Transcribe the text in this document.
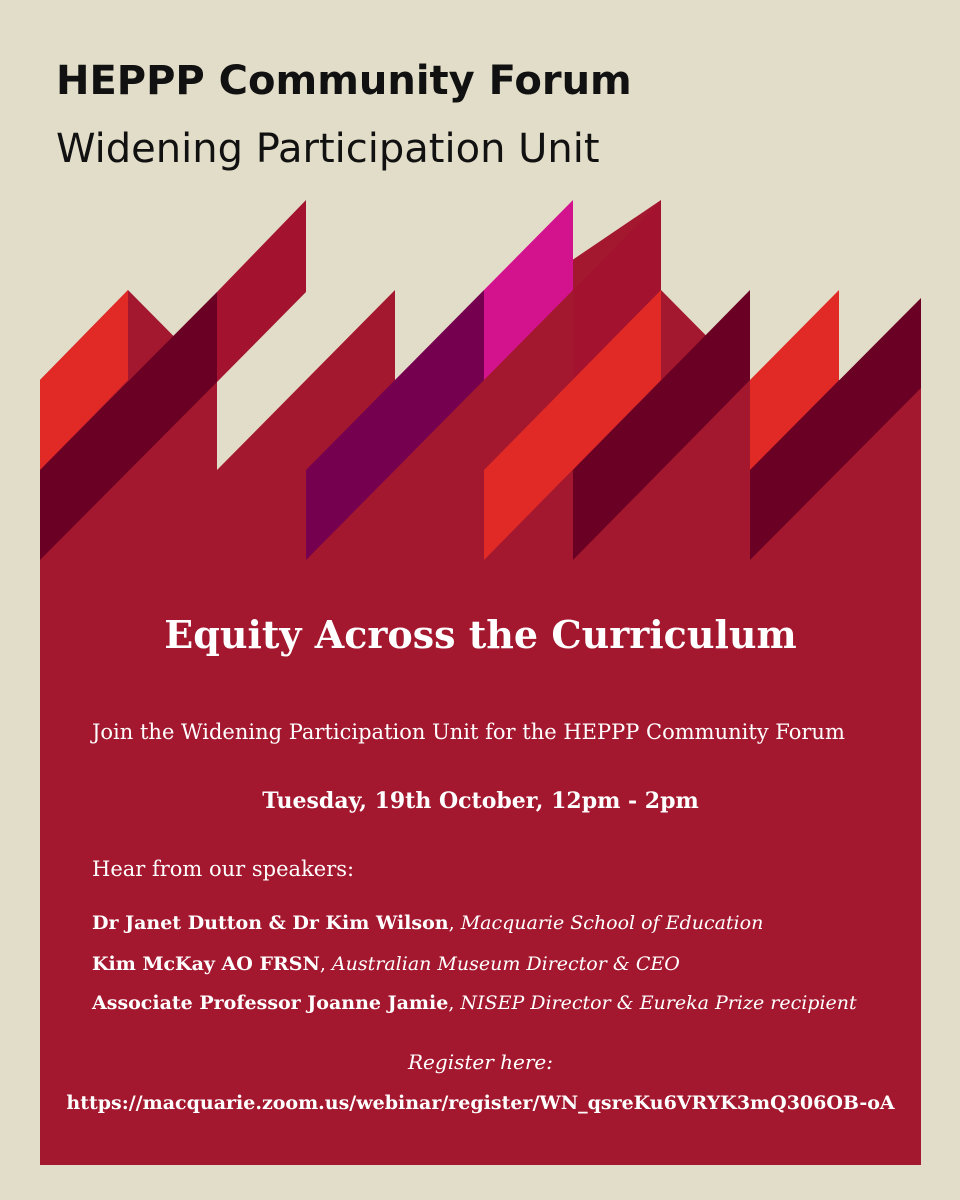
HEPPP Community Forum
Widening Participation Unit
Equity Across the Curriculum
Join the Widening Participation Unit for the HEPPP Community Forum
Tuesday, 19th October, 12pm - 2pm
Hear from our speakers:
Dr Janet Dutton & Dr Kim Wilson, Macquarie School of Education
Kim McKay AO FRSN, Australian Museum Director & CEO
Associate Professor Joanne Jamie, NISEP Director & Eureka Prize recipient
Register here:
https://macquarie.zoom.us/webinar/register/WN_qsreKu6VRYK3mQ306OB-oA
